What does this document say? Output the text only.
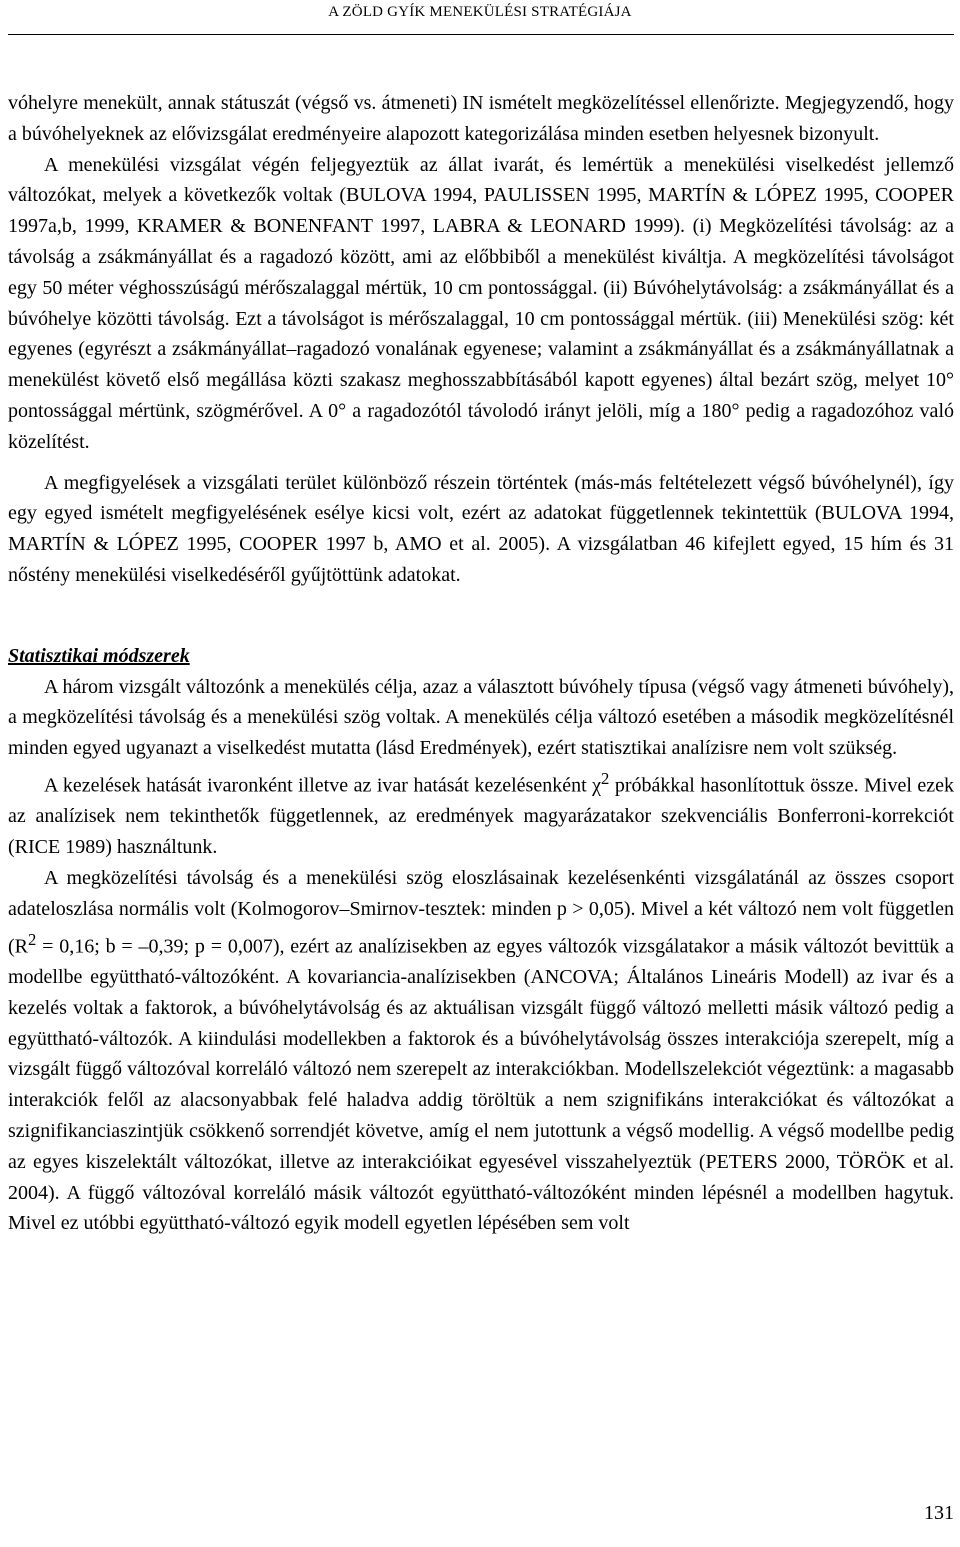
A ZÖLD GYÍK MENEKÜLÉSI STRATÉGIÁJA

vóhelyre menekült, annak státuszát (végső vs. átmeneti) IN ismételt megközelítéssel ellenőrizte. Megjegyzendő, hogy a búvóhelyeknek az elővizsgálat eredményeire alapozott kategorizálása minden esetben helyesnek bizonyult.

A menekülési vizsgálat végén feljegyeztük az állat ivarát, és lemértük a menekülési viselkedést jellemző változókat, melyek a következők voltak (BULOVA 1994, PAULISSEN 1995, MARTÍN & LÓPEZ 1995, COOPER 1997a,b, 1999, KRAMER & BONENFANT 1997, LABRA & LEONARD 1999). (i) Megközelítési távolság: az a távolság a zsákmányállat és a ragadozó között, ami az előbbiből a menekülést kiváltja. A megközelítési távolságot egy 50 méter véghosszúságú mérőszalaggal mértük, 10 cm pontossággal. (ii) Búvóhelytávolság: a zsákmányállat és a búvóhelye közötti távolság. Ezt a távolságot is mérőszalaggal, 10 cm pontossággal mértük. (iii) Menekülési szög: két egyenes (egyrészt a zsákmányállat–ragadozó vonalának egyenese; valamint a zsákmányállat és a zsákmányállatnak a menekülést követő első megállása közti szakasz meghosszabbításából kapott egyenes) által bezárt szög, melyet 10° pontossággal mértünk, szögmérővel. A 0° a ragadozótól távolodó irányt jelöli, míg a 180° pedig a ragadozóhoz való közelítést.

A megfigyelések a vizsgálati terület különböző részein történtek (más-más feltételezett végső búvóhelynél), így egy egyed ismételt megfigyelésének esélye kicsi volt, ezért az adatokat függetlennek tekintettük (BULOVA 1994, MARTÍN & LÓPEZ 1995, COOPER 1997 b, AMO et al. 2005). A vizsgálatban 46 kifejlett egyed, 15 hím és 31 nőstény menekülési viselkedéséről gyűjtöttünk adatokat.

Statisztikai módszerek

A három vizsgált változónk a menekülés célja, azaz a választott búvóhely típusa (végső vagy átmeneti búvóhely), a megközelítési távolság és a menekülési szög voltak. A menekülés célja változó esetében a második megközelítésnél minden egyed ugyanazt a viselkedést mutatta (lásd Eredmények), ezért statisztikai analízisre nem volt szükség.

A kezelések hatását ivaronként illetve az ivar hatását kezelésenként $\chi^2$ próbákkal hasonlítottuk össze. Mivel ezek az analízisek nem tekinthetők függetlennek, az eredmények magyarázatakor szekvenciális Bonferroni-korrekciót (RICE 1989) használtunk.

A megközelítési távolság és a menekülési szög eloszlásainak kezelésenkénti vizsgálatánál az összes csoport adateloszlása normális volt (Kolmogorov–Smirnov-tesztek: minden p > 0,05). Mivel a két változó nem volt független ($R^2 = 0,16$; b = –0,39; p = 0,007), ezért az analízisekben az egyes változók vizsgálatakor a másik változót bevittük a modellbe együttható-változóként. A kovariancia-analízisekben (ANCOVA; Általános Lineáris Modell) az ivar és a kezelés voltak a faktorok, a búvóhelytávolság és az aktuálisan vizsgált függő változó melletti másik változó pedig a együttható-változók. A kiindulási modellekben a faktorok és a búvóhelytávolság összes interakciója szerepelt, míg a vizsgált függő változóval korreláló változó nem szerepelt az interakciókban. Modellszelekciót végeztünk: a magasabb interakciók felől az alacsonyabbak felé haladva addig töröltük a nem szignifikáns interakciókat és változókat a szignifikanciaszintjük csökkenő sorrendjét követve, amíg el nem jutottunk a végső modellig. A végső modellbe pedig az egyes kiszelektált változókat, illetve az interakcióikat egyesével visszahelyeztük (PETERS 2000, TÖRÖK et al. 2004). A függő változóval korreláló másik változót együttható-változóként minden lépésnél a modellben hagytuk. Mivel ez utóbbi együttható-változó egyik modell egyetlen lépésében sem volt

131
